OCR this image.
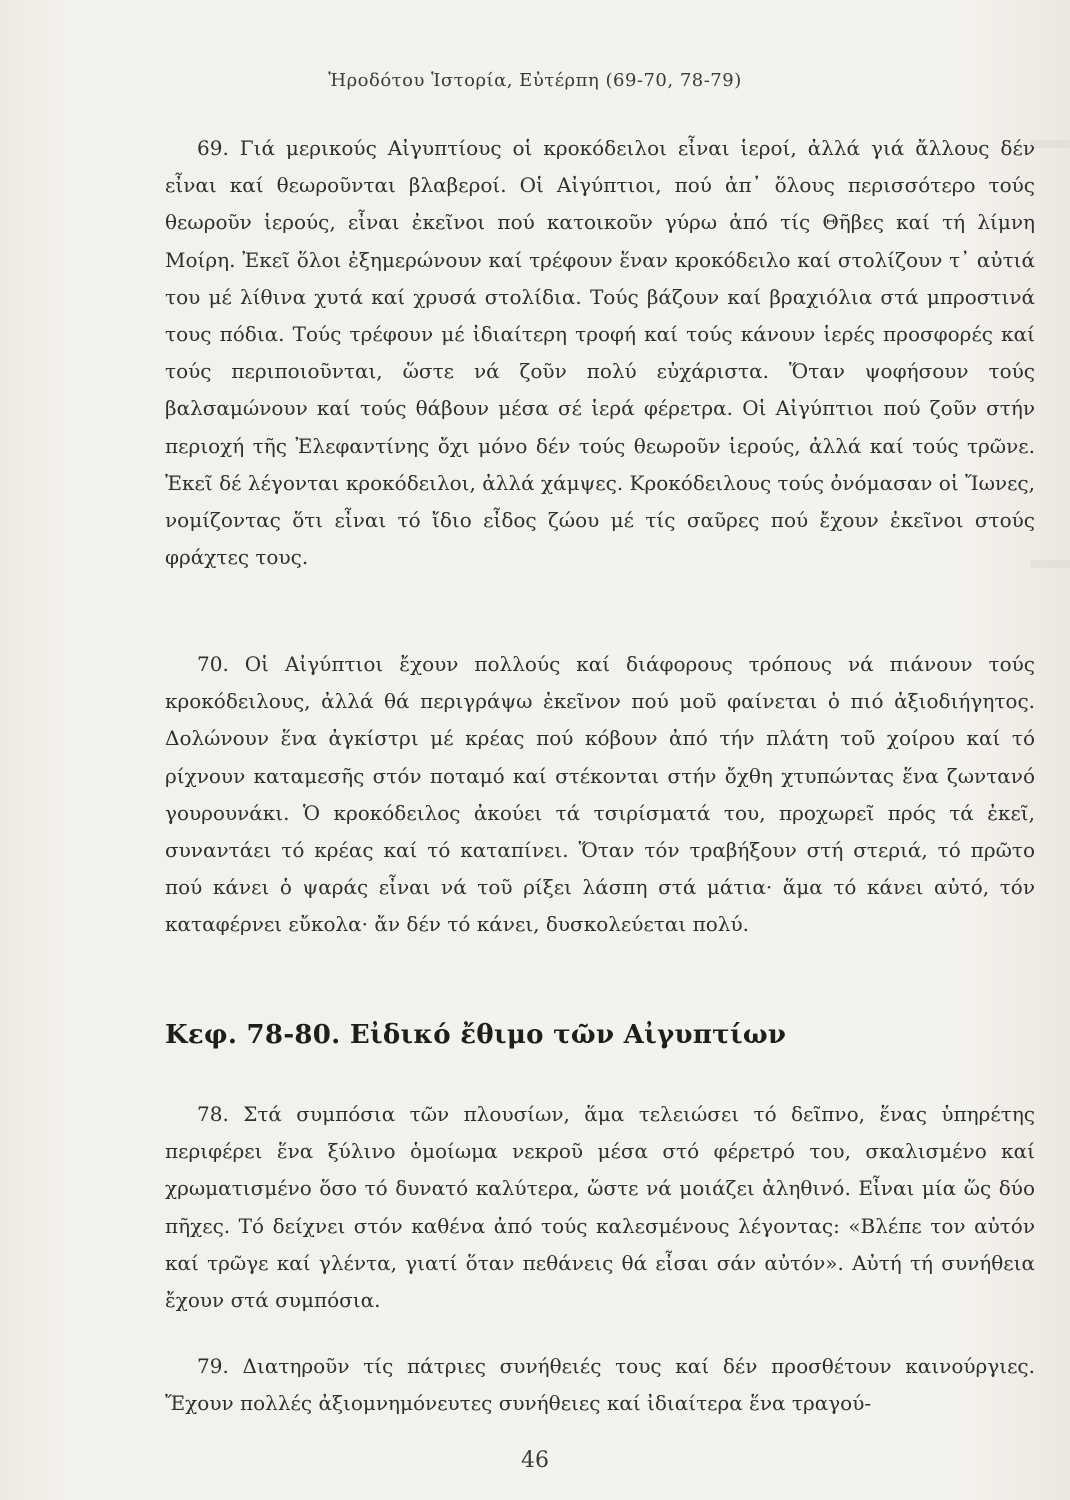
Ἡροδότου Ἱστορία, Εὐτέρπη (69-70, 78-79)

69. Γιά μερικούς Αἰγυπτίους οἱ κροκόδειλοι εἶναι ἱεροί, ἀλλά γιά ἄλλους δέν εἶναι καί θεωροῦνται βλαβεροί. Οἱ Αἰγύπτιοι, πού ἀπ᾽ ὅλους περισσότερο τούς θεωροῦν ἱερούς, εἶναι ἐκεῖνοι πού κατοικοῦν γύρω ἀπό τίς Θῆβες καί τή λίμνη Μοίρη. Ἐκεῖ ὅλοι ἐξημερώνουν καί τρέφουν ἕναν κροκόδειλο καί στολίζουν τ᾽ αὐτιά του μέ λίθινα χυτά καί χρυσά στολίδια. Τούς βάζουν καί βραχιόλια στά μπροστινά τους πόδια. Τούς τρέφουν μέ ἰδιαίτερη τροφή καί τούς κάνουν ἱερές προσφορές καί τούς περιποιοῦνται, ὥστε νά ζοῦν πολύ εὐχάριστα. Ὅταν ψοφήσουν τούς βαλσαμώνουν καί τούς θάβουν μέσα σέ ἱερά φέρετρα. Οἱ Αἰγύπτιοι πού ζοῦν στήν περιοχή τῆς Ἐλεφαντίνης ὄχι μόνο δέν τούς θεωροῦν ἱερούς, ἀλλά καί τούς τρῶνε. Ἐκεῖ δέ λέγονται κροκόδειλοι, ἀλλά χάμψες. Κροκόδειλους τούς ὀνόμασαν οἱ Ἴωνες, νομίζοντας ὅτι εἶναι τό ἴδιο εἶδος ζώου μέ τίς σαῦρες πού ἔχουν ἐκεῖνοι στούς φράχτες τους.

70. Οἱ Αἰγύπτιοι ἔχουν πολλούς καί διάφορους τρόπους νά πιάνουν τούς κροκόδειλους, ἀλλά θά περιγράψω ἐκεῖνον πού μοῦ φαίνεται ὁ πιό ἀξιοδιήγητος. Δολώνουν ἕνα ἀγκίστρι μέ κρέας πού κόβουν ἀπό τήν πλάτη τοῦ χοίρου καί τό ρίχνουν καταμεσῆς στόν ποταμό καί στέκονται στήν ὄχθη χτυπώντας ἕνα ζωντανό γουρουνάκι. Ὁ κροκόδειλος ἀκούει τά τσιρίσματά του, προχωρεῖ πρός τά ἐκεῖ, συναντάει τό κρέας καί τό καταπίνει. Ὅταν τόν τραβήξουν στή στεριά, τό πρῶτο πού κάνει ὁ ψαράς εἶναι νά τοῦ ρίξει λάσπη στά μάτια· ἅμα τό κάνει αὐτό, τόν καταφέρνει εὔκολα· ἄν δέν τό κάνει, δυσκολεύεται πολύ.

Κεφ. 78-80. Εἰδικό ἔθιμο τῶν Αἰγυπτίων

78. Στά συμπόσια τῶν πλουσίων, ἅμα τελειώσει τό δεῖπνο, ἕνας ὑπηρέτης περιφέρει ἕνα ξύλινο ὁμοίωμα νεκροῦ μέσα στό φέρετρό του, σκαλισμένο καί χρωματισμένο ὅσο τό δυνατό καλύτερα, ὥστε νά μοιάζει ἀληθινό. Εἶναι μία ὥς δύο πῆχες. Τό δείχνει στόν καθένα ἀπό τούς καλεσμένους λέγοντας: «Βλέπε τον αὐτόν καί τρῶγε καί γλέντα, γιατί ὅταν πεθάνεις θά εἶσαι σάν αὐτόν». Αὐτή τή συνήθεια ἔχουν στά συμπόσια.

79. Διατηροῦν τίς πάτριες συνήθειές τους καί δέν προσθέτουν καινούργιες. Ἔχουν πολλές ἀξιομνημόνευτες συνήθειες καί ἰδιαίτερα ἕνα τραγού-

46
